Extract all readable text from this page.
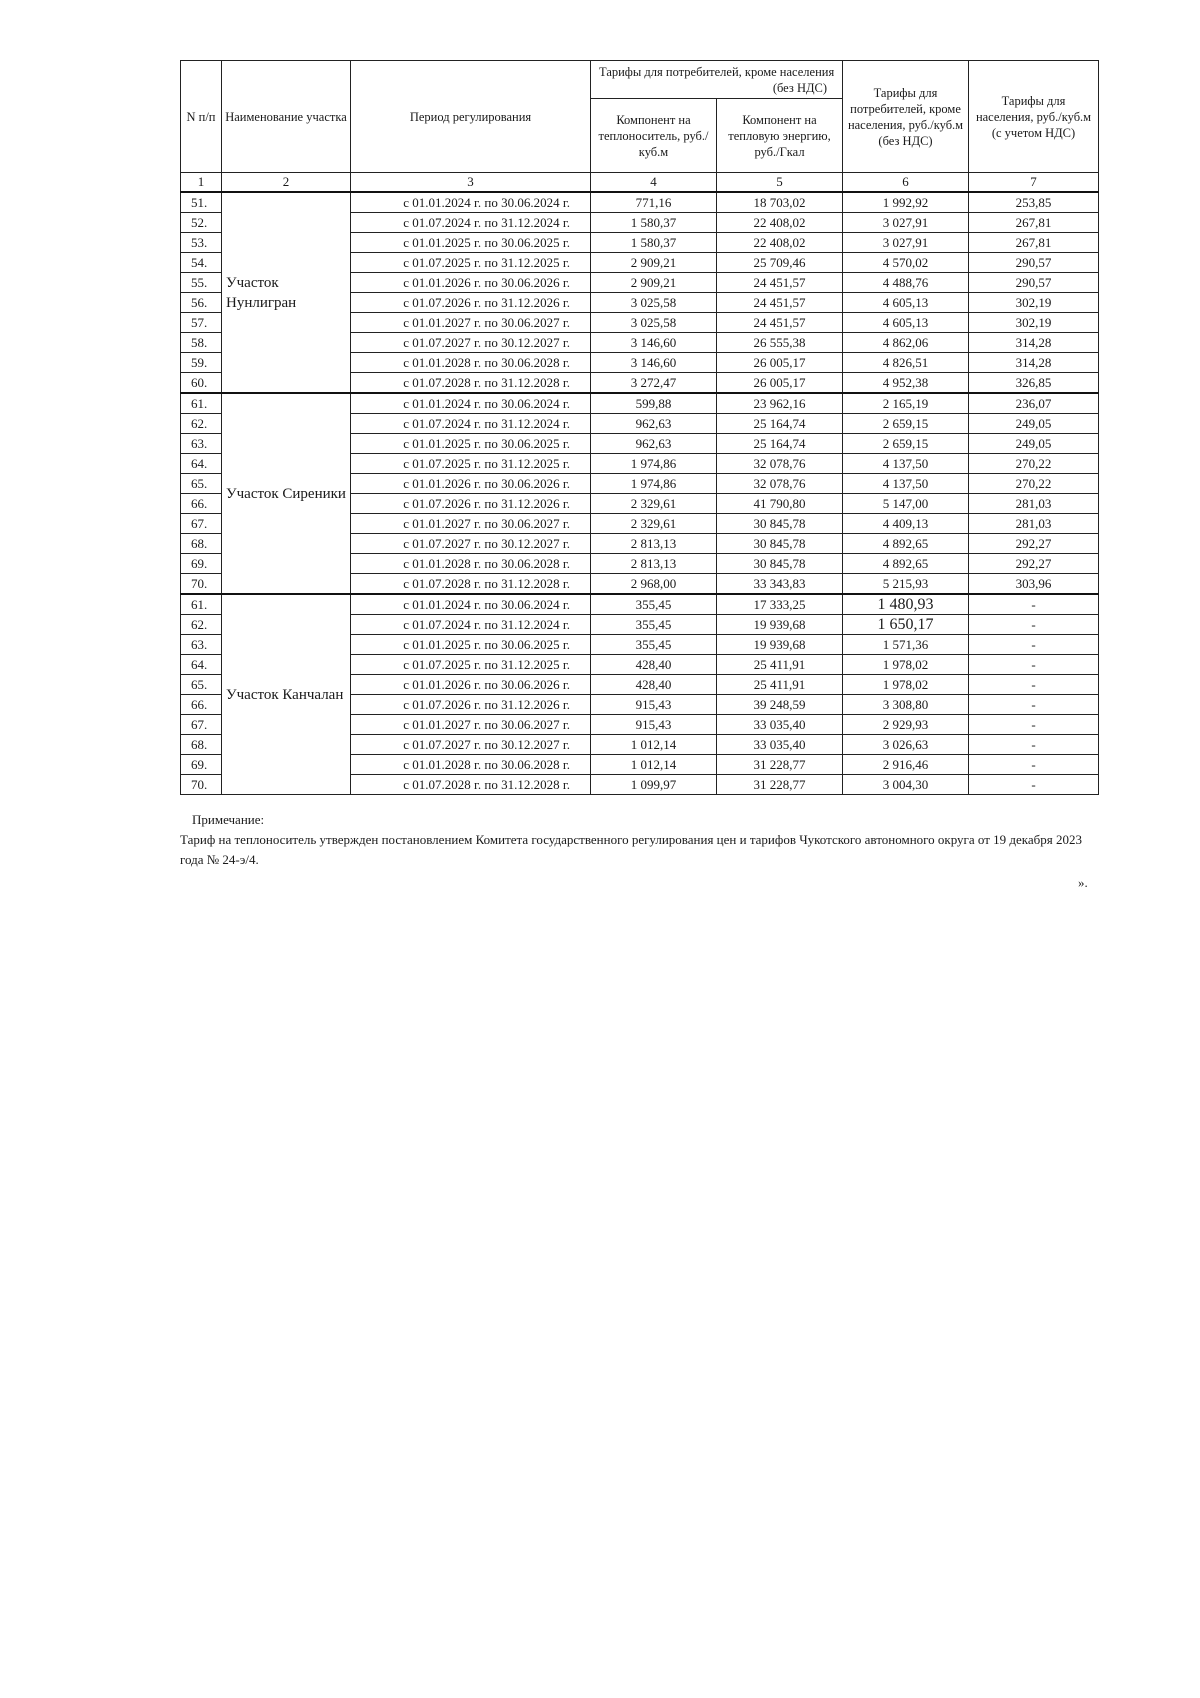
N п/п	Наименование участка	Период регулирования	Тарифы для потребителей, кроме населения
(без НДС)		Тарифы для потребителей, кроме населения, руб./куб.м (без НДС)	Тарифы для населения, руб./куб.м (с учетом НДС)
			Компонент на теплоноситель, руб./куб.м	Компонент на тепловую энергию, руб./Гкал		
1	2	3	4	5	6	7
51.	Участок Нунлигран	с 01.01.2024 г. по 30.06.2024 г.	771,16	18 703,02	1 992,92	253,85
52.		с 01.07.2024 г. по 31.12.2024 г.	1 580,37	22 408,02	3 027,91	267,81
53.		с 01.01.2025 г. по 30.06.2025 г.	1 580,37	22 408,02	3 027,91	267,81
54.		с 01.07.2025 г. по 31.12.2025 г.	2 909,21	25 709,46	4 570,02	290,57
55.		с 01.01.2026 г. по 30.06.2026 г.	2 909,21	24 451,57	4 488,76	290,57
56.		с 01.07.2026 г. по 31.12.2026 г.	3 025,58	24 451,57	4 605,13	302,19
57.		с 01.01.2027 г. по 30.06.2027 г.	3 025,58	24 451,57	4 605,13	302,19
58.		с 01.07.2027 г. по 30.12.2027 г.	3 146,60	26 555,38	4 862,06	314,28
59.		с 01.01.2028 г. по 30.06.2028 г.	3 146,60	26 005,17	4 826,51	314,28
60.		с 01.07.2028 г. по 31.12.2028 г.	3 272,47	26 005,17	4 952,38	326,85
61.	Участок Сиреники	с 01.01.2024 г. по 30.06.2024 г.	599,88	23 962,16	2 165,19	236,07
62.		с 01.07.2024 г. по 31.12.2024 г.	962,63	25 164,74	2 659,15	249,05
63.		с 01.01.2025 г. по 30.06.2025 г.	962,63	25 164,74	2 659,15	249,05
64.		с 01.07.2025 г. по 31.12.2025 г.	1 974,86	32 078,76	4 137,50	270,22
65.		с 01.01.2026 г. по 30.06.2026 г.	1 974,86	32 078,76	4 137,50	270,22
66.		с 01.07.2026 г. по 31.12.2026 г.	2 329,61	41 790,80	5 147,00	281,03
67.		с 01.01.2027 г. по 30.06.2027 г.	2 329,61	30 845,78	4 409,13	281,03
68.		с 01.07.2027 г. по 30.12.2027 г.	2 813,13	30 845,78	4 892,65	292,27
69.		с 01.01.2028 г. по 30.06.2028 г.	2 813,13	30 845,78	4 892,65	292,27
70.		с 01.07.2028 г. по 31.12.2028 г.	2 968,00	33 343,83	5 215,93	303,96
61.	Участок Канчалан	с 01.01.2024 г. по 30.06.2024 г.	355,45	17 333,25	1 480,93	-
62.		с 01.07.2024 г. по 31.12.2024 г.	355,45	19 939,68	1 650,17	-
63.		с 01.01.2025 г. по 30.06.2025 г.	355,45	19 939,68	1 571,36	-
64.		с 01.07.2025 г. по 31.12.2025 г.	428,40	25 411,91	1 978,02	-
65.		с 01.01.2026 г. по 30.06.2026 г.	428,40	25 411,91	1 978,02	-
66.		с 01.07.2026 г. по 31.12.2026 г.	915,43	39 248,59	3 308,80	-
67.		с 01.01.2027 г. по 30.06.2027 г.	915,43	33 035,40	2 929,93	-
68.		с 01.07.2027 г. по 30.12.2027 г.	1 012,14	33 035,40	3 026,63	-
69.		с 01.01.2028 г. по 30.06.2028 г.	1 012,14	31 228,77	2 916,46	-
70.		с 01.07.2028 г. по 31.12.2028 г.	1 099,97	31 228,77	3 004,30	-
Примечание:
Тариф на теплоноситель утвержден постановлением Комитета государственного регулирования цен и тарифов Чукотского автономного округа от 19 декабря 2023 года № 24-э/4.
».
